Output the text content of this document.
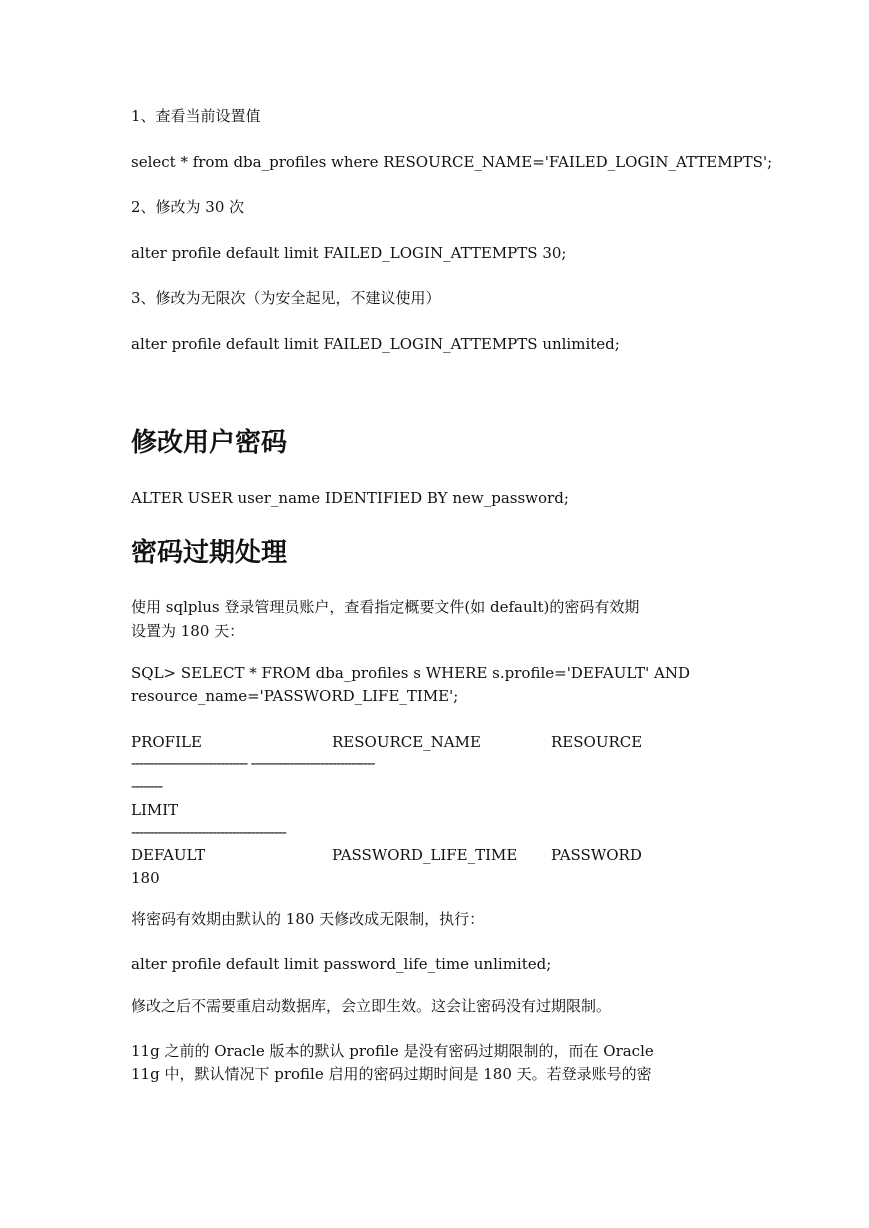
1、查看当前设置值
select * from dba_profiles where RESOURCE_NAME='FAILED_LOGIN_ATTEMPTS';
2、修改为 30 次
alter profile default limit FAILED_LOGIN_ATTEMPTS 30;
3、修改为无限次（为安全起见，不建议使用）
alter profile default limit FAILED_LOGIN_ATTEMPTS unlimited;
修改用户密码
ALTER USER user_name IDENTIFIED BY new_password;
密码过期处理
使用 sqlplus 登录管理员账户，查看指定概要文件(如 default)的密码有效期
设置为 180 天：
SQL> SELECT * FROM dba_profiles s WHERE s.profile='DEFAULT' AND
resource_name='PASSWORD_LIFE_TIME';
PROFILE	RESOURCE_NAME	RESOURCE
------------------------------ --------------------------------
--------
LIMIT
----------------------------------------
DEFAULT	PASSWORD_LIFE_TIME PASSWORD
180
将密码有效期由默认的 180 天修改成无限制，执行：
alter profile default limit password_life_time unlimited;
修改之后不需要重启动数据库，会立即生效。这会让密码没有过期限制。
11g 之前的 Oracle 版本的默认 profile 是没有密码过期限制的，而在 Oracle
11g 中，默认情况下 profile 启用的密码过期时间是 180 天。若登录账号的密
